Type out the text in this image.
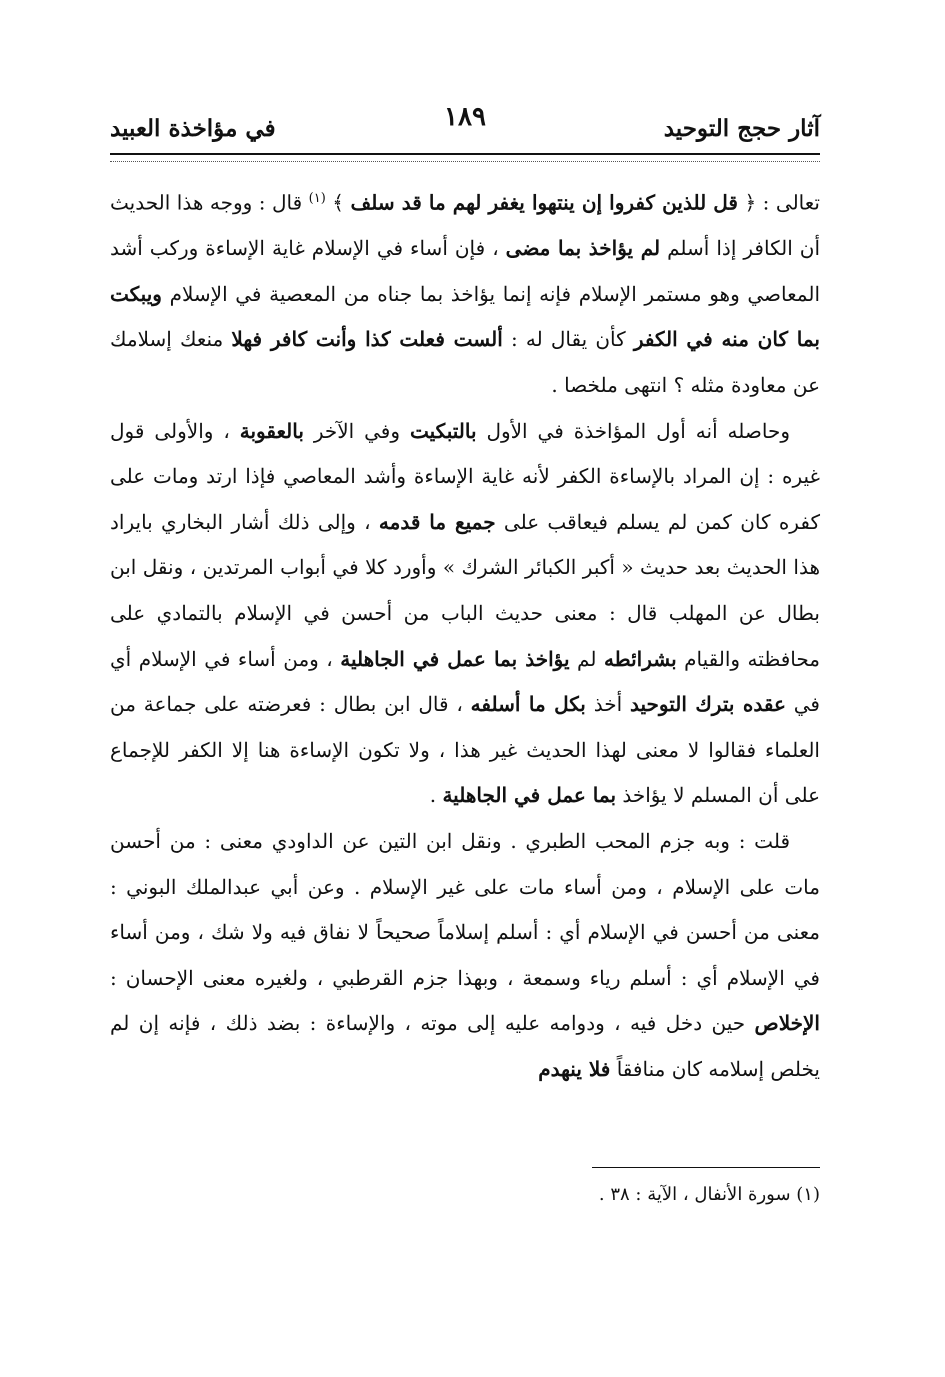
آثار حجج التوحيد
١٨٩
في مؤاخذة العبيد

تعالى : ﴿ قل للذين كفروا إن ينتهوا يغفر لهم ما قد سلف ﴾ $^{(١)}$ قال : ووجه هذا الحديث أن الكافر إذا أسلم لم يؤاخذ بما مضى ، فإن أساء في الإسلام غاية الإساءة وركب أشد المعاصي وهو مستمر الإسلام فإنه إنما يؤاخذ بما جناه من المعصية في الإسلام ويبكت بما كان منه في الكفر كأن يقال له : ألست فعلت كذا وأنت كافر فهلا منعك إسلامك عن معاودة مثله ؟ انتهى ملخصا .

وحاصله أنه أول المؤاخذة في الأول بالتبكيت وفي الآخر بالعقوبة ، والأولى قول غيره : إن المراد بالإساءة الكفر لأنه غاية الإساءة وأشد المعاصي فإذا ارتد ومات على كفره كان كمن لم يسلم فيعاقب على جميع ما قدمه ، وإلى ذلك أشار البخاري بايراد هذا الحديث بعد حديث « أكبر الكبائر الشرك » وأورد كلا في أبواب المرتدين ، ونقل ابن بطال عن المهلب قال : معنى حديث الباب من أحسن في الإسلام بالتمادي على محافظته والقيام بشرائطه لم يؤاخذ بما عمل في الجاهلية ، ومن أساء في الإسلام أي في عقده بترك التوحيد أخذ بكل ما أسلفه ، قال ابن بطال : فعرضته على جماعة من العلماء فقالوا لا معنى لهذا الحديث غير هذا ، ولا تكون الإساءة هنا إلا الكفر للإجماع على أن المسلم لا يؤاخذ بما عمل في الجاهلية .

قلت : وبه جزم المحب الطبري . ونقل ابن التين عن الداودي معنى : من أحسن مات على الإسلام ، ومن أساء مات على غير الإسلام . وعن أبي عبدالملك البوني : معنى من أحسن في الإسلام أي : أسلم إسلاماً صحيحاً لا نفاق فيه ولا شك ، ومن أساء في الإسلام أي : أسلم رياء وسمعة ، وبهذا جزم القرطبي ، ولغيره معنى الإحسان : الإخلاص حين دخل فيه ، ودوامه عليه إلى موته ، والإساءة : بضد ذلك ، فإنه إن لم يخلص إسلامه كان منافقاً فلا ينهدم

(١) سورة الأنفال ، الآية : ٣٨ .
